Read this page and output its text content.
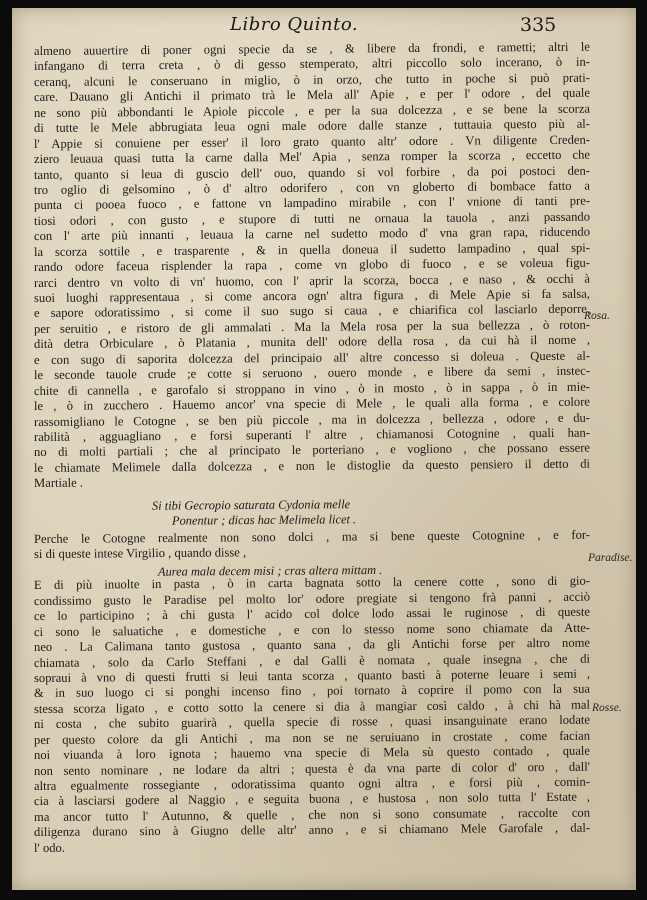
Libro Quinto.	335
almeno auuertire di poner ogni specie da se , & libere da frondi, e rametti; altri le
infangano di terra creta , ò di gesso stemperato, altri piccollo solo incerano, ò in-
ceranq, alcuni le conseruano in miglio, ò in orzo, che tutto in poche si può prati-
care. Dauano gli Antichi il primato trà le Mela all' Apie , e per l' odore , del quale
ne sono più abbondanti le Apiole piccole , e per la sua dolcezza , e se bene la scorza
di tutte le Mele abbrugiata leua ogni male odore dalle stanze , tuttauia questo più al-
l' Appie si conuiene per esser' il loro grato quanto altr' odore . Vn diligente Creden-
ziero leuaua quasi tutta la carne dalla Mel' Apia , senza romper la scorza , eccetto che
tanto, quanto si leua di guscio dell' ouo, quando si vol forbire , da poi postoci den-
tro oglio di gelsomino , ò d' altro odorifero , con vn globerto di bombace fatto a
punta ci pooea fuoco , e fattone vn lampadino mirabile , con l' vnione di tanti pre-
tiosi odori , con gusto , e stupore di tutti ne ornaua la tauola , anzi passando
con l' arte più innanti , leuaua la carne nel sudetto modo d' vna gran rapa, riducendo
la scorza sottile , e trasparente , & in quella doneua il sudetto lampadino , qual spi-
rando odore faceua risplender la rapa , come vn globo di fuoco , e se voleua figu-
rarci dentro vn volto di vn' huomo, con l' aprir la scorza, bocca , e naso , & occhi à
suoi luoghi rappresentaua , si come ancora ogn' altra figura , di Mele Apie si fa salsa,
e sapore odoratissimo , si come il suo sugo si caua , e chiarifica col lasciarlo deporre,
per seruitio , e ristoro de gli ammalati . Ma la Mela rosa per la sua bellezza , ò roton-
dità detra Orbiculare , ò Platania , munita dell' odore della rosa , da cui hà il nome ,
e con sugo di saporita dolcezza del principaio all' altre concesso si doleua . Queste al-
le seconde tauole crude ;e cotte si seruono , ouero monde , e libere da semi , instec-
chite di cannella , e garofalo si stroppano in vino , ò in mosto , ò in sappa , ò in mie-
le , ò in zucchero . Hauemo ancor' vna specie di Mele , le quali alla forma , e colore
rassomigliano le Cotogne , se ben più piccole , ma in dolcezza , bellezza , odore , e du-
rabilità , agguagliano , e forsi superanti l' altre , chiamanosi Cotognine , quali han-
no di molti partiali ; che al principato le porteriano , e vogliono , che possano essere
le chiamate Melimele dalla dolcezza , e non le distoglie da questo pensiero il detto di
Martiale .
Si tibi Gecropio saturata Cydonia melle
Ponentur ; dicas hac Melimela licet .
Perche le Cotogne realmente non sono dolci , ma si bene queste Cotognine , e for-
si di queste intese Virgilio , quando disse ,
Aurea mala decem misi ; cras altera mittam .
E di più inuolte in pasta , ò in carta bagnata sotto la cenere cotte , sono di gio-
condissimo gusto le Paradise pel molto lor' odore pregiate si tengono frà panni , acciò
ce lo participino ; à chi gusta l' acido col dolce lodo assai le ruginose , di queste
ci sono le saluatiche , e domestiche , e con lo stesso nome sono chiamate da Atte-
neo . La Calimana tanto gustosa , quanto sana , da gli Antichi forse per altro nome
chiamata , solo da Carlo Steffani , e dal Galli è nomata , quale insegna , che di
sopraui à vno di questi frutti si leui tanta scorza , quanto basti à poterne leuare i semi ,
& in suo luogo ci si ponghi incenso fino , poi tornato à coprire il pomo con la sua
stessa scorza ligato , e cotto sotto la cenere si dia à mangiar così caldo , à chi hà mal
ni costa , che subito guarirà , quella specie di rosse , quasi insanguinate erano lodate
per questo colore da gli Antichi , ma non se ne seruiuano in crostate , come facian
noi viuanda à loro ignota ; hauemo vna specie di Mela sù questo contado , quale
non sento nominare , ne lodare da altri ; questa è da vna parte di color d' oro , dall'
altra egualmente rossegiante , odoratissima quanto ogni altra , e forsi più , comin-
cia à lasciarsi godere al Naggio , e seguita buona , e hustosa , non solo tutta l' Estate ,
ma ancor tutto l' Autunno, & quelle , che non si sono consumate , raccolte con
diligenza durano sino à Giugno delle altr' anno , e si chiamano Mele Garofale , dal-
l' odo.
Rosa.
Paradise.
Rosse.
